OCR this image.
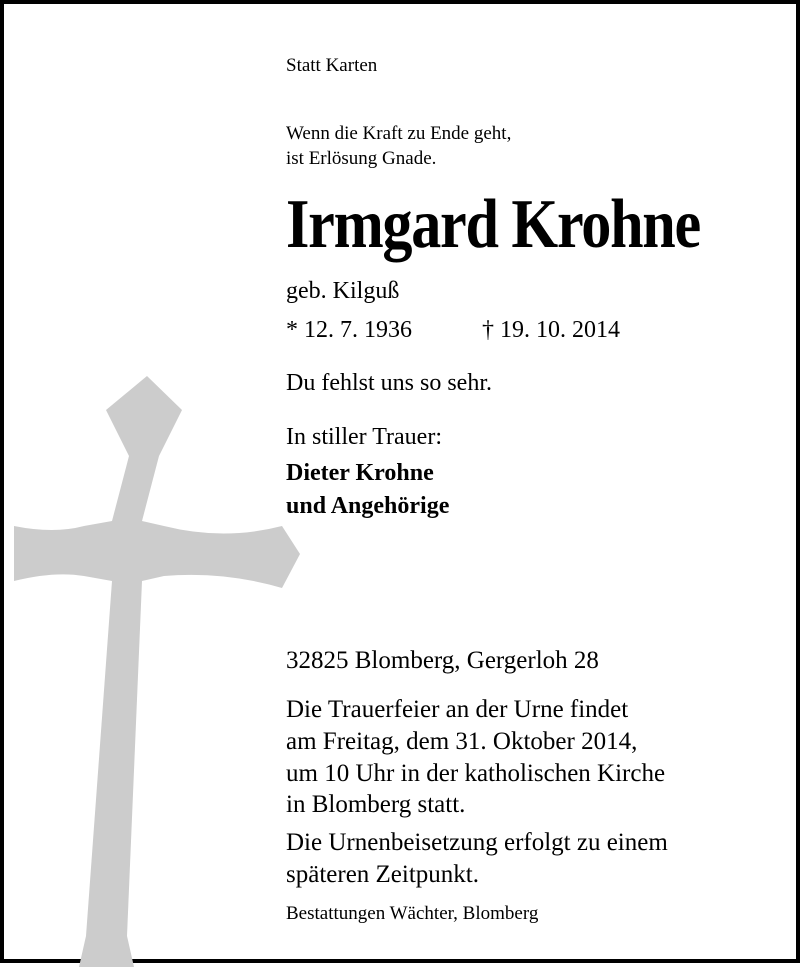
Statt Karten
Wenn die Kraft zu Ende geht,
ist Erlösung Gnade.
Irmgard Krohne
geb. Kilguß
* 12. 7. 1936	† 19. 10. 2014
Du fehlst uns so sehr.
In stiller Trauer:
Dieter Krohne
und Angehörige
32825 Blomberg, Gergerloh 28
Die Trauerfeier an der Urne findet
am Freitag, dem 31. Oktober 2014,
um 10 Uhr in der katholischen Kirche
in Blomberg statt.
Die Urnenbeisetzung erfolgt zu einem
späteren Zeitpunkt.
Bestattungen Wächter, Blomberg
